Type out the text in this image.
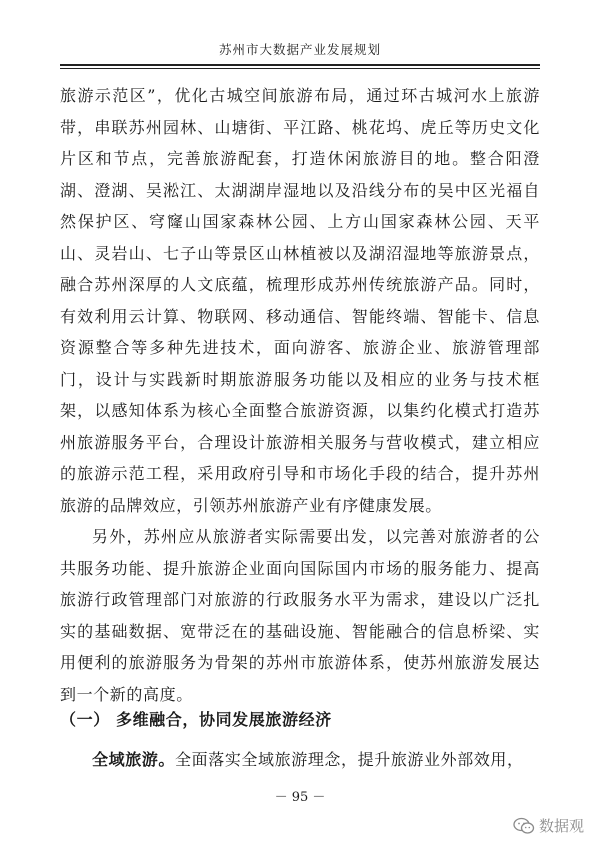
苏州市大数据产业发展规划

旅游示范区”，优化古城空间旅游布局，通过环古城河水上旅游带，串联苏州园林、山塘街、平江路、桃花坞、虎丘等历史文化片区和节点，完善旅游配套，打造休闲旅游目的地。整合阳澄湖、澄湖、吴淞江、太湖湖岸湿地以及沿线分布的吴中区光福自然保护区、穹窿山国家森林公园、上方山国家森林公园、天平山、灵岩山、七子山等景区山林植被以及湖沼湿地等旅游景点，融合苏州深厚的人文底蕴，梳理形成苏州传统旅游产品。同时，有效利用云计算、物联网、移动通信、智能终端、智能卡、信息资源整合等多种先进技术，面向游客、旅游企业、旅游管理部门，设计与实践新时期旅游服务功能以及相应的业务与技术框架，以感知体系为核心全面整合旅游资源，以集约化模式打造苏州旅游服务平台，合理设计旅游相关服务与营收模式，建立相应的旅游示范工程，采用政府引导和市场化手段的结合，提升苏州旅游的品牌效应，引领苏州旅游产业有序健康发展。

另外，苏州应从旅游者实际需要出发，以完善对旅游者的公共服务功能、提升旅游企业面向国际国内市场的服务能力、提高旅游行政管理部门对旅游的行政服务水平为需求，建设以广泛扎实的基础数据、宽带泛在的基础设施、智能融合的信息桥梁、实用便利的旅游服务为骨架的苏州市旅游体系，使苏州旅游发展达到一个新的高度。

（一） 多维融合，协同发展旅游经济
全域旅游。全面落实全域旅游理念，提升旅游业外部效用，
－ 95 －
数据观
